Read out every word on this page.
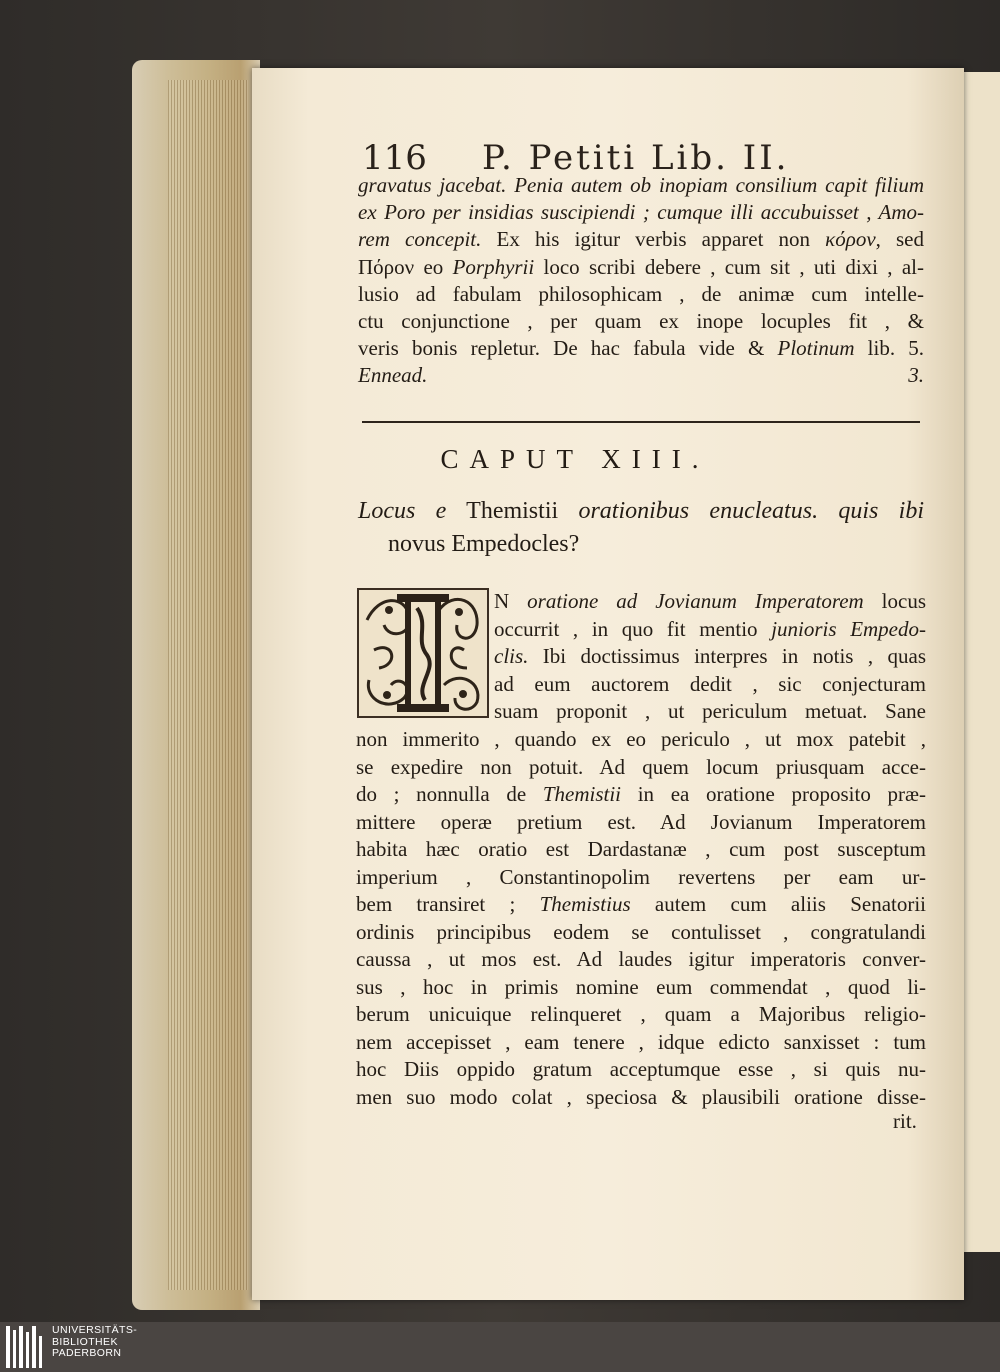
116 P. Petiti Lib. II.
gravatus jacebat. Penia autem ob inopiam consilium capit filium
ex Poro per insidias suscipiendi ; cumque illi accubuisset , Amo-
rem concepit. Ex his igitur verbis apparet non κόρον, sed
Πόρον eo Porphyrii loco scribi debere , cum sit , uti dixi , al-
lusio ad fabulam philosophicam , de animæ cum intelle-
ctu conjunctione , per quam ex inope locuples fit , &
veris bonis repletur. De hac fabula vide & Plotinum lib. 5.
Ennead. 3.
CAPUT XIII.
Locus e Themistii orationibus enucleatus. quis ibi
novus Empedocles?
N oratione ad Jovianum Imperatorem locus
occurrit , in quo fit mentio junioris Empedo-
clis. Ibi doctissimus interpres in notis , quas
ad eum auctorem dedit , sic conjecturam
suam proponit , ut periculum metuat. Sane
non immerito , quando ex eo periculo , ut mox patebit ,
se expedire non potuit. Ad quem locum priusquam acce-
do ; nonnulla de Themistii in ea oratione proposito præ-
mittere operæ pretium est. Ad Jovianum Imperatorem
habita hæc oratio est Dardastanæ , cum post susceptum
imperium , Constantinopolim revertens per eam ur-
bem transiret ; Themistius autem cum aliis Senatorii
ordinis principibus eodem se contulisset , congratulandi
caussa , ut mos est. Ad laudes igitur imperatoris conver-
sus , hoc in primis nomine eum commendat , quod li-
berum unicuique relinqueret , quam a Majoribus religio-
nem accepisset , eam tenere , idque edicto sanxisset : tum
hoc Diis oppido gratum acceptumque esse , si quis nu-
men suo modo colat , speciosa & plausibili oratione disse-
rit.
UNIVERSITÄTS-
BIBLIOTHEK
PADERBORN
